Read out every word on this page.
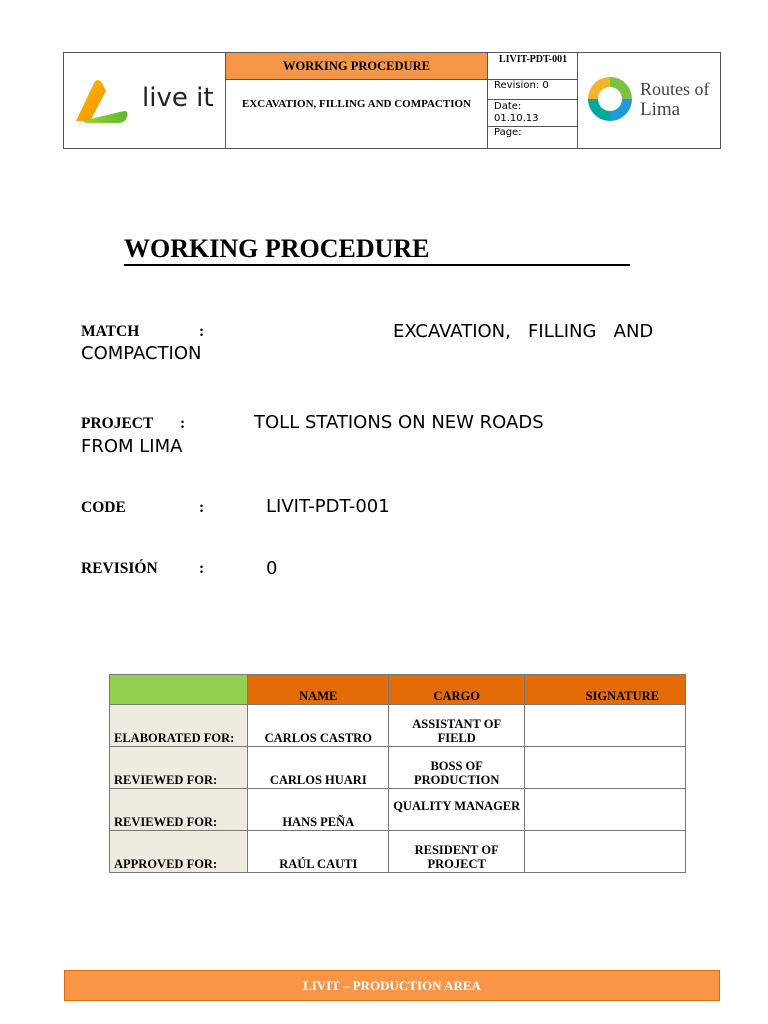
live it
WORKING PROCEDURE
EXCAVATION, FILLING AND COMPACTION
LIVIT-PDT-001
Revision: 0
Date:
01.10.13
Page:
Routes of
Lima
WORKING PROCEDURE
MATCH	:	EXCAVATION,   FILLING   AND
COMPACTION
PROJECT :	TOLL STATIONS ON NEW ROADS
FROM LIMA
CODE	:	LIVIT-PDT-001
REVISIÓN	:	0
	NAME	CARGO	SIGNATURE
ELABORATED FOR:	CARLOS CASTRO	ASSISTANT OF FIELD	
REVIEWED FOR:	CARLOS HUARI	BOSS OF PRODUCTION	
REVIEWED FOR:	HANS PEÑA	QUALITY MANAGER	
APPROVED FOR:	RAÚL CAUTI	RESIDENT OF PROJECT	
LIVIT – PRODUCTION AREA
